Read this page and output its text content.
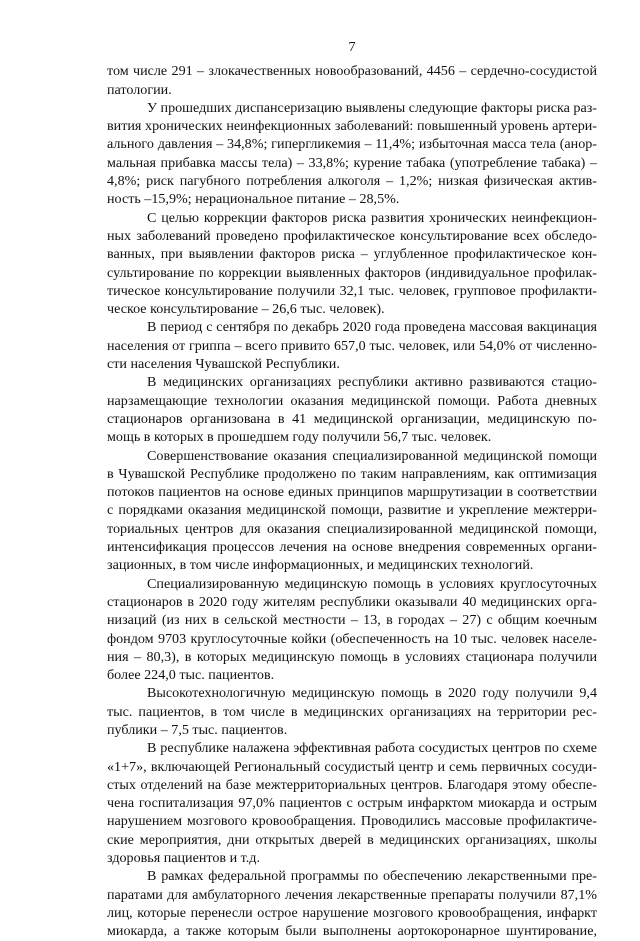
7

том числе 291 – злокачественных новообразований, 4456 – сердечно-сосудистой патологии.

У прошедших диспансеризацию выявлены следующие факторы риска развития хронических неинфекционных заболеваний: повышенный уровень артериального давления – 34,8%; гипергликемия – 11,4%; избыточная масса тела (анормальная прибавка массы тела) – 33,8%; курение табака (употребление табака) – 4,8%; риск пагубного потребления алкоголя – 1,2%; низкая физическая активность –15,9%; нерациональное питание – 28,5%.

С целью коррекции факторов риска развития хронических неинфекционных заболеваний проведено профилактическое консультирование всех обследованных, при выявлении факторов риска – углубленное профилактическое консультирование по коррекции выявленных факторов (индивидуальное профилактическое консультирование получили 32,1 тыс. человек, групповое профилактическое консультирование – 26,6 тыс. человек).

В период с сентября по декабрь 2020 года проведена массовая вакцинация населения от гриппа – всего привито 657,0 тыс. человек, или 54,0% от численности населения Чувашской Республики.

В медицинских организациях республики активно развиваются стационарзамещающие технологии оказания медицинской помощи. Работа дневных стационаров организована в 41 медицинской организации, медицинскую помощь в которых в прошедшем году получили 56,7 тыс. человек.

Совершенствование оказания специализированной медицинской помощи в Чувашской Республике продолжено по таким направлениям, как оптимизация потоков пациентов на основе единых принципов маршрутизации в соответствии с порядками оказания медицинской помощи, развитие и укрепление межтерриториальных центров для оказания специализированной медицинской помощи, интенсификация процессов лечения на основе внедрения современных организационных, в том числе информационных, и медицинских технологий.

Специализированную медицинскую помощь в условиях круглосуточных стационаров в 2020 году жителям республики оказывали 40 медицинских организаций (из них в сельской местности – 13, в городах – 27) с общим коечным фондом 9703 круглосуточные койки (обеспеченность на 10 тыс. человек населения – 80,3), в которых медицинскую помощь в условиях стационара получили более 224,0 тыс. пациентов.

Высокотехнологичную медицинскую помощь в 2020 году получили 9,4 тыс. пациентов, в том числе в медицинских организациях на территории республики – 7,5 тыс. пациентов.

В республике налажена эффективная работа сосудистых центров по схеме «1+7», включающей Региональный сосудистый центр и семь первичных сосудистых отделений на базе межтерриториальных центров. Благодаря этому обеспечена госпитализация 97,0% пациентов с острым инфарктом миокарда и острым нарушением мозгового кровообращения. Проводились массовые профилактические мероприятия, дни открытых дверей в медицинских организациях, школы здоровья пациентов и т.д.

В рамках федеральной программы по обеспечению лекарственными препаратами для амбулаторного лечения лекарственные препараты получили 87,1% лиц, которые перенесли острое нарушение мозгового кровообращения, инфаркт миокарда, а также которым были выполнены аортокоронарное шунтирование,
